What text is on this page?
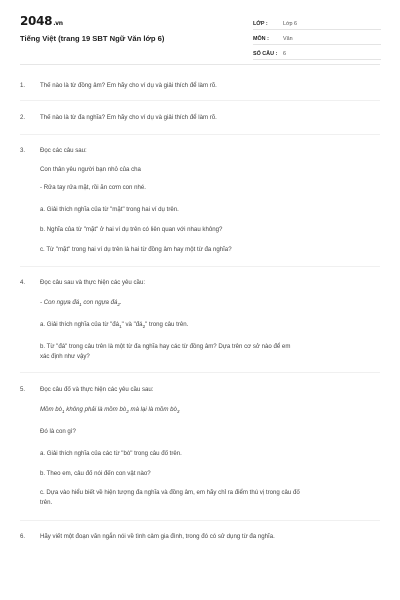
2048.vn
Tiếng Việt (trang 19 SBT Ngữ Văn lớp 6)
LỚP :	Lớp 6
MÔN :	Văn
SỐ CÂU :	6
1.	Thế nào là từ đồng âm? Em hãy cho ví dụ và giải thích để làm rõ.
2.	Thế nào là từ đa nghĩa? Em hãy cho ví dụ và giải thích để làm rõ.
3.	Đọc các câu sau:
Con thân yêu người bạn nhỏ của cha
- Rửa tay rửa mặt, rồi ăn cơm con nhé.
a. Giải thích nghĩa của từ "mặt" trong hai ví dụ trên.
b. Nghĩa của từ "mặt" ở hai ví dụ trên có liên quan với nhau không?
c. Từ "mặt" trong hai ví dụ trên là hai từ đồng âm hay một từ đa nghĩa?
4.	Đọc câu sau và thực hiện các yêu cầu:
- Con ngựa $đá_1$ con ngựa $đá_2$.
a. Giải thích nghĩa của từ "$đá_1$" và "$đá_2$" trong câu trên.
b. Từ "đá" trong câu trên là một từ đa nghĩa hay các từ đồng âm? Dựa trên cơ sở nào để em
xác định như vậy?
5.	Đọc câu đố và thực hiện các yêu cầu sau:
Mồm $bò_1$ không phải là mồm $bò_2$ mà lại là mồm $bò_3$
Đó là con gì?
a. Giải thích nghĩa của các từ "bò" trong câu đố trên.
b. Theo em, câu đố nói đến con vật nào?
c. Dựa vào hiểu biết về hiện tượng đa nghĩa và đồng âm, em hãy chỉ ra điểm thú vị trong câu đố
trên.
6.	Hãy viết một đoạn văn ngắn nói về tình cảm gia đình, trong đó có sử dụng từ đa nghĩa.
